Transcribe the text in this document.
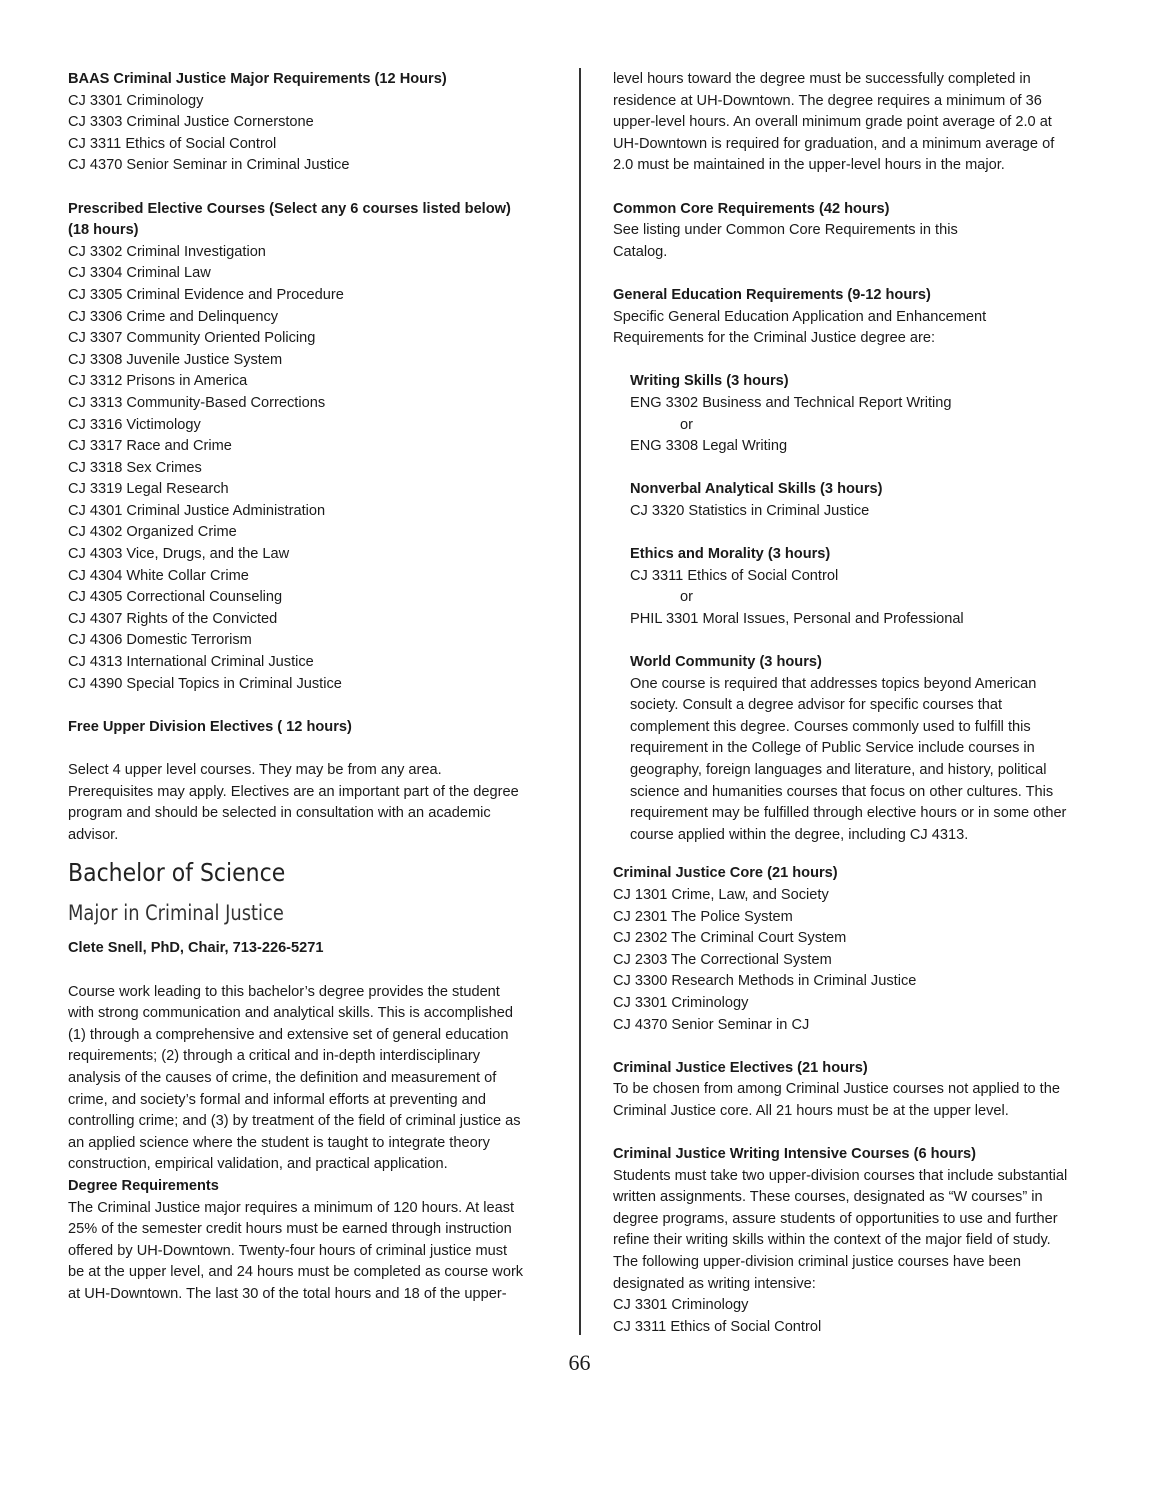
BAAS Criminal Justice Major Requirements (12 Hours)
CJ 3301 Criminology
CJ 3303 Criminal Justice Cornerstone
CJ 3311 Ethics of Social Control
CJ 4370 Senior Seminar in Criminal Justice
Prescribed Elective Courses (Select any 6 courses listed below)
(18 hours)
CJ 3302 Criminal Investigation
CJ 3304 Criminal Law
CJ 3305 Criminal Evidence and Procedure
CJ 3306 Crime and Delinquency
CJ 3307 Community Oriented Policing
CJ 3308 Juvenile Justice System
CJ 3312 Prisons in America
CJ 3313 Community-Based Corrections
CJ 3316 Victimology
CJ 3317 Race and Crime
CJ 3318 Sex Crimes
CJ 3319 Legal Research
CJ 4301 Criminal Justice Administration
CJ 4302 Organized Crime
CJ 4303 Vice, Drugs, and the Law
CJ 4304 White Collar Crime
CJ 4305 Correctional Counseling
CJ 4307 Rights of the Convicted
CJ 4306 Domestic Terrorism
CJ 4313 International Criminal Justice
CJ 4390 Special Topics in Criminal Justice
Free Upper Division Electives ( 12 hours)
Select 4 upper level courses. They may be from any area.
Prerequisites may apply. Electives are an important part of the degree
program and should be selected in consultation with an academic
advisor.
Bachelor of Science
Major in Criminal Justice
Clete Snell, PhD, Chair, 713-226-5271
Course work leading to this bachelor’s degree provides the student
with strong communication and analytical skills. This is accomplished
(1) through a comprehensive and extensive set of general education
requirements; (2) through a critical and in-depth interdisciplinary
analysis of the causes of crime, the definition and measurement of
crime, and society’s formal and informal efforts at preventing and
controlling crime; and (3) by treatment of the field of criminal justice as
an applied science where the student is taught to integrate theory
construction, empirical validation, and practical application.
Degree Requirements
The Criminal Justice major requires a minimum of 120 hours. At least
25% of the semester credit hours must be earned through instruction
offered by UH-Downtown. Twenty-four hours of criminal justice must
be at the upper level, and 24 hours must be completed as course work
at UH-Downtown. The last 30 of the total hours and 18 of the upper-
level hours toward the degree must be successfully completed in
residence at UH-Downtown. The degree requires a minimum of 36
upper-level hours. An overall minimum grade point average of 2.0 at
UH-Downtown is required for graduation, and a minimum average of
2.0 must be maintained in the upper-level hours in the major.
Common Core Requirements (42 hours)
See listing under Common Core Requirements in this
Catalog.
General Education Requirements (9-12 hours)
Specific General Education Application and Enhancement
Requirements for the Criminal Justice degree are:
Writing Skills (3 hours)
ENG 3302 Business and Technical Report Writing
or
ENG 3308 Legal Writing
Nonverbal Analytical Skills (3 hours)
CJ 3320 Statistics in Criminal Justice
Ethics and Morality (3 hours)
CJ 3311 Ethics of Social Control
or
PHIL 3301 Moral Issues, Personal and Professional
World Community (3 hours)
One course is required that addresses topics beyond American
society. Consult a degree advisor for specific courses that
complement this degree. Courses commonly used to fulfill this
requirement in the College of Public Service include courses in
geography, foreign languages and literature, and history, political
science and humanities courses that focus on other cultures. This
requirement may be fulfilled through elective hours or in some other
course applied within the degree, including CJ 4313.
Criminal Justice Core (21 hours)
CJ 1301 Crime, Law, and Society
CJ 2301 The Police System
CJ 2302 The Criminal Court System
CJ 2303 The Correctional System
CJ 3300 Research Methods in Criminal Justice
CJ 3301 Criminology
CJ 4370 Senior Seminar in CJ
Criminal Justice Electives (21 hours)
To be chosen from among Criminal Justice courses not applied to the
Criminal Justice core. All 21 hours must be at the upper level.
Criminal Justice Writing Intensive Courses (6 hours)
Students must take two upper-division courses that include substantial
written assignments. These courses, designated as “W courses” in
degree programs, assure students of opportunities to use and further
refine their writing skills within the context of the major field of study.
The following upper-division criminal justice courses have been
designated as writing intensive:
CJ 3301 Criminology
CJ 3311 Ethics of Social Control
66
